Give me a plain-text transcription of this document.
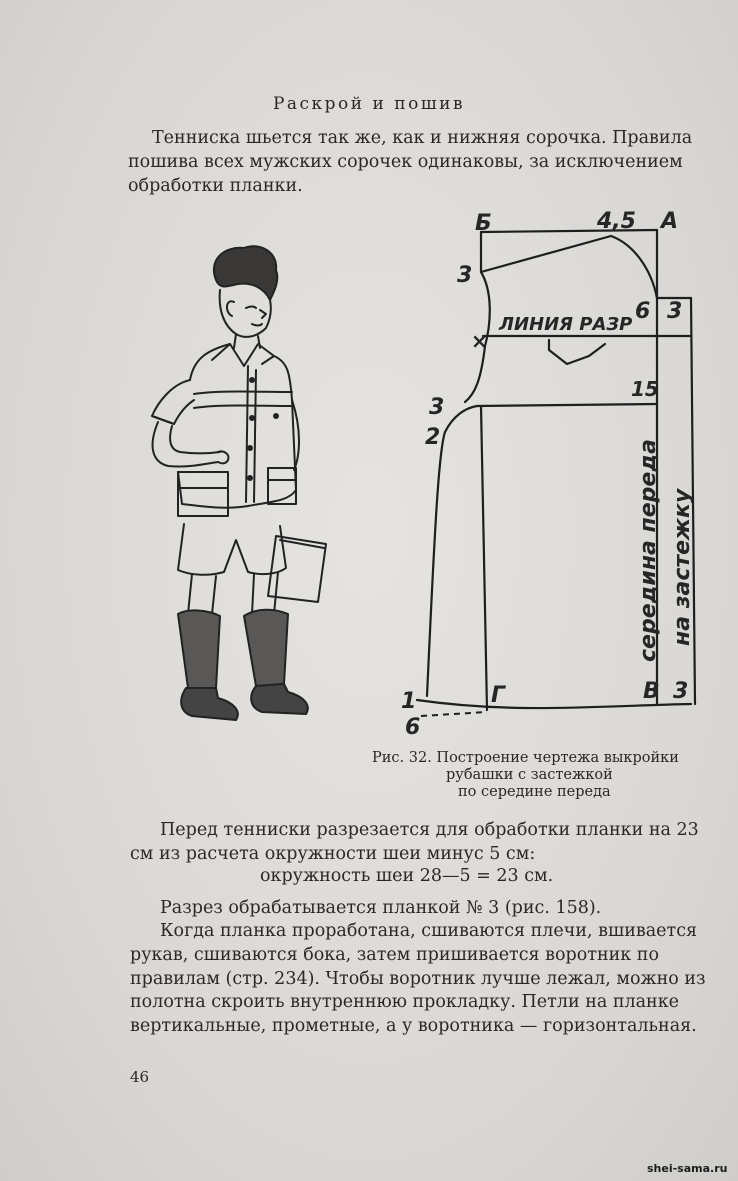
Раскрой и пошив

Тенниска шьется так же, как и нижняя сорочка. Правила пошива всех мужских сорочек одинаковы, за исключением обработки планки.

Б	А
4,5
3
6 3
ЛИНИЯ РАЗР
×
15
3
2
Г	В 3
1
6
середина переда на застежку
Рис. 32. Построение чертежа выкройки
рубашки с застежкой
по середине переда

Перед тенниски разрезается для обработки планки на 23 см из расчета окружности шеи минус 5 см:

окружность шеи 28—5 = 23 см.

Разрез обрабатывается планкой № 3 (рис. 158).

Когда планка проработана, сшиваются плечи, вшивается рукав, сшиваются бока, затем пришивается воротник по правилам (стр. 234). Чтобы воротник лучше лежал, можно из полотна скроить внутреннюю прокладку. Петли на планке вертикальные, прометные, а у воротника — горизонтальная.

46
shei-sama.ru
